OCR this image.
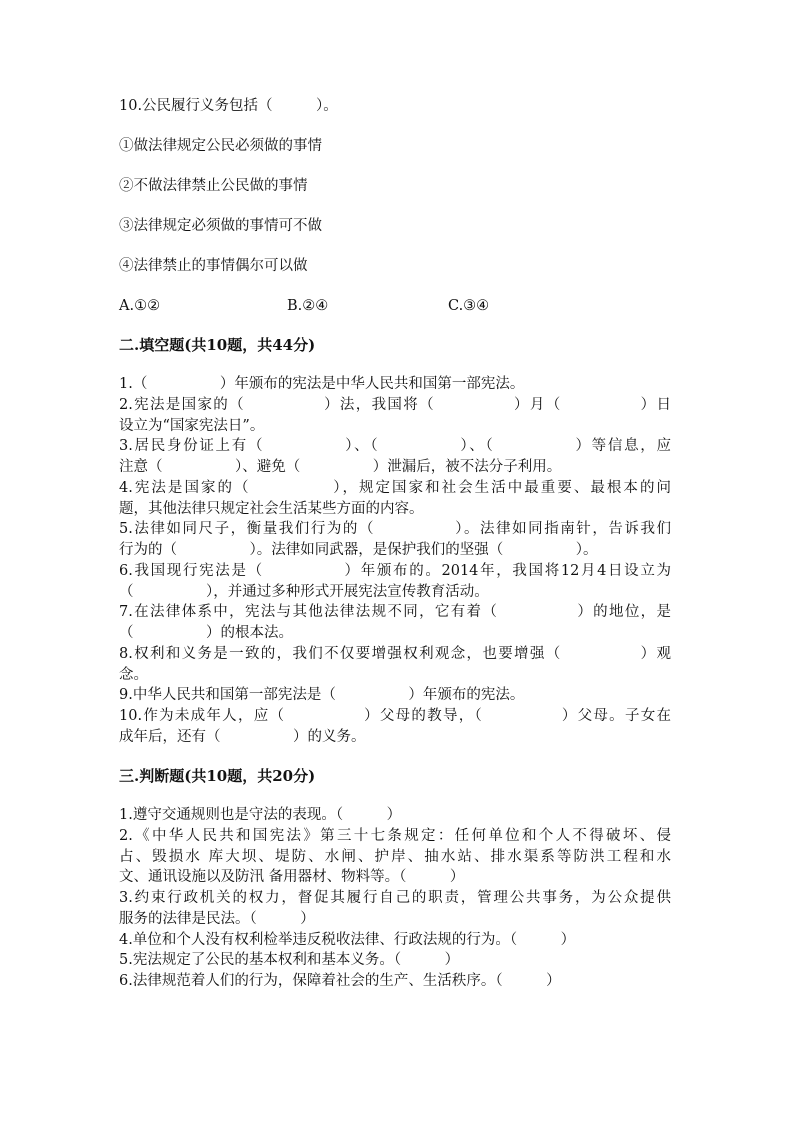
10.公民履行义务包括（　　　）。

①做法律规定公民必须做的事情

②不做法律禁止公民做的事情

③法律规定必须做的事情可不做

④法律禁止的事情偶尔可以做

A.①②	B.②④	C.③④

二.填空题(共10题，共44分)

1.（　　　　　）年颁布的宪法是中华人民共和国第一部宪法。

2.宪法是国家的（　　　　　）法，我国将（　　　　　）月（　　　　　）日

设立为“国家宪法日”。

3.居民身份证上有（　　　　　）、（　　　　　）、（　　　　　）等信息，应

注意（　　　　　）、避免（　　　　　）泄漏后，被不法分子利用。

4.宪法是国家的（　　　　　），规定国家和社会生活中最重要、最根本的问

题，其他法律只规定社会生活某些方面的内容。

5.法律如同尺子，衡量我们行为的（　　　　　）。法律如同指南针，告诉我们

行为的（　　　　　）。法律如同武器，是保护我们的坚强（　　　　　）。

6.我国现行宪法是（　　　　　）年颁布的。2014年，我国将12月4日设立为

（　　　　　），并通过多种形式开展宪法宣传教育活动。

7.在法律体系中，宪法与其他法律法规不同，它有着（　　　　　）的地位，是

（　　　　　）的根本法。

8.权利和义务是一致的，我们不仅要增强权利观念，也要增强（　　　　　）观

念。

9.中华人民共和国第一部宪法是（　　　　　）年颁布的宪法。

10.作为未成年人，应（　　　　　）父母的教导，（　　　　　）父母。子女在

成年后，还有（　　　　　）的义务。

三.判断题(共10题，共20分)

1.遵守交通规则也是守法的表现。（　　　）

2.《中华人民共和国宪法》第三十七条规定：任何单位和个人不得破坏、侵

占、毁损水 库大坝、堤防、水闸、护岸、抽水站、排水渠系等防洪工程和水

文、通讯设施以及防汛 备用器材、物料等。（　　　）

3.约束行政机关的权力，督促其履行自己的职责，管理公共事务，为公众提供

服务的法律是民法。（　　　）

4.单位和个人没有权利检举违反税收法律、行政法规的行为。（　　　）

5.宪法规定了公民的基本权利和基本义务。（　　　）

6.法律规范着人们的行为，保障着社会的生产、生活秩序。（　　　）
